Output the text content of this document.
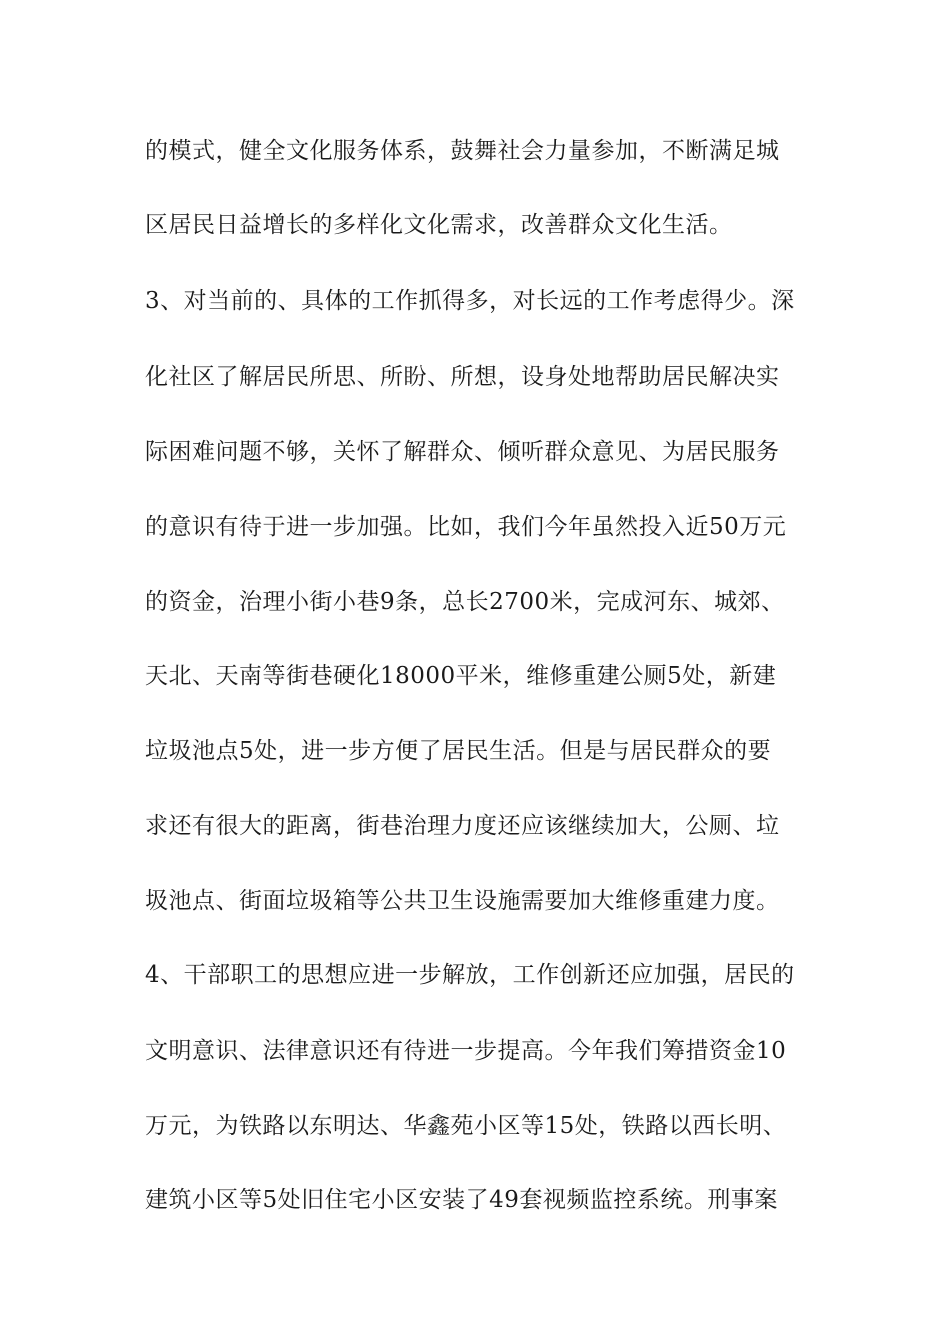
的模式，健全文化服务体系，鼓舞社会力量参加，不断满足城
区居民日益增长的多样化文化需求，改善群众文化生活。
3、对当前的、具体的工作抓得多，对长远的工作考虑得少。深
化社区了解居民所思、所盼、所想，设身处地帮助居民解决实
际困难问题不够，关怀了解群众、倾听群众意见、为居民服务
的意识有待于进一步加强。比如，我们今年虽然投入近50万元
的资金，治理小街小巷9条，总长2700米，完成河东、城郊、
天北、天南等街巷硬化18000平米，维修重建公厕5处，新建
垃圾池点5处，进一步方便了居民生活。但是与居民群众的要
求还有很大的距离，街巷治理力度还应该继续加大，公厕、垃
圾池点、街面垃圾箱等公共卫生设施需要加大维修重建力度。
4、干部职工的思想应进一步解放，工作创新还应加强，居民的
文明意识、法律意识还有待进一步提高。今年我们筹措资金10
万元，为铁路以东明达、华鑫苑小区等15处，铁路以西长明、
建筑小区等5处旧住宅小区安装了49套视频监控系统。刑事案
